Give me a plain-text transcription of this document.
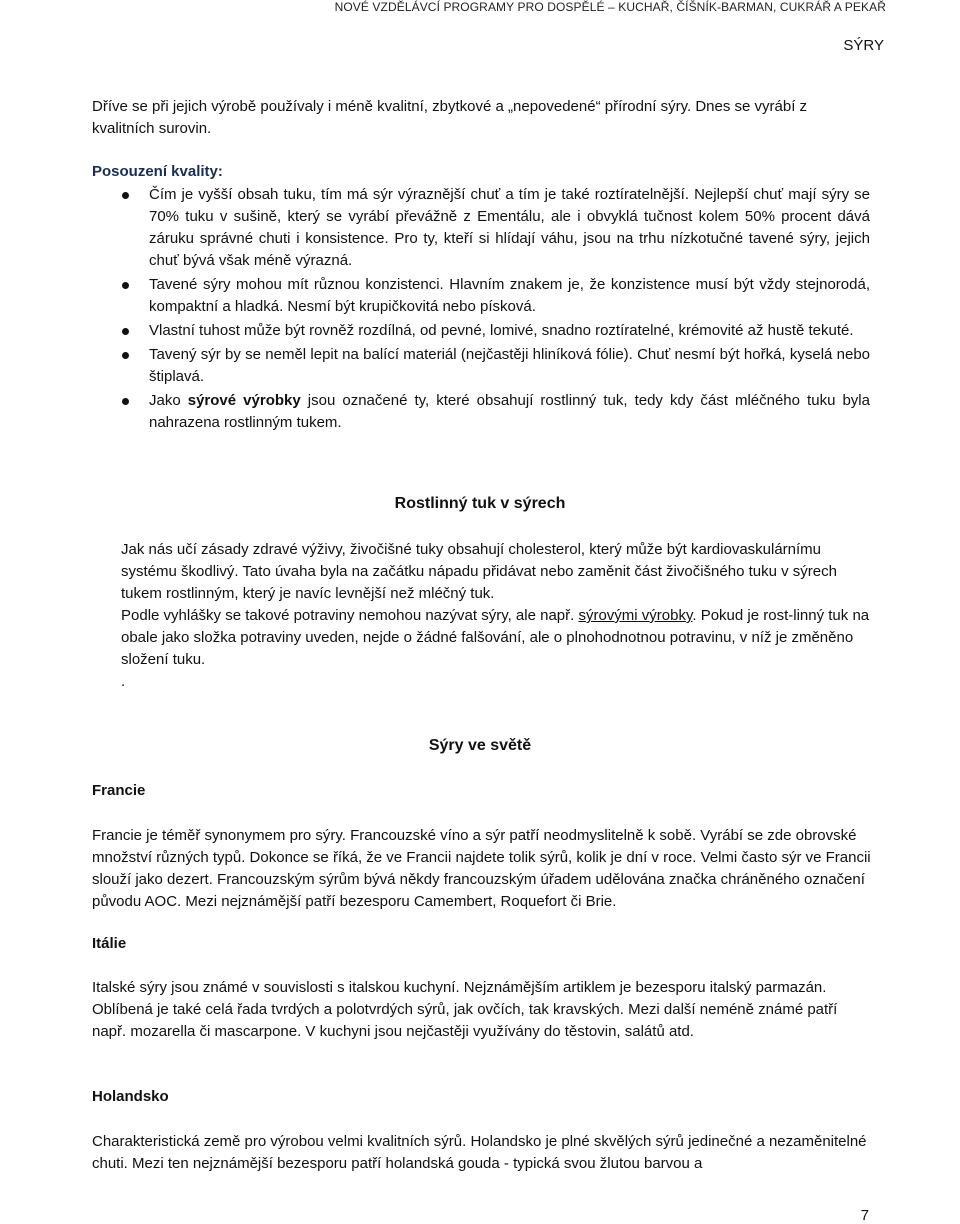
NOVÉ VZDĚLÁVCÍ PROGRAMY PRO DOSPĚLÉ – KUCHAŘ, ČÍŠNÍK-BARMAN, CUKRÁŘ A PEKAŘ
SÝRY

Dříve se při jejich výrobě používaly i méně kvalitní, zbytkové a „nepovedené“ přírodní sýry. Dnes se vyrábí z kvalitních surovin.

Posouzení kvality:

Čím je vyšší obsah tuku, tím má sýr výraznější chuť a tím je také roztíratelnější. Nejlepší chuť mají sýry se 70% tuku v sušině, který se vyrábí převážně z Ementálu, ale i obvyklá tučnost kolem 50% procent dává záruku správné chuti i konsistence. Pro ty, kteří si hlídají váhu, jsou na trhu nízkotučné tavené sýry, jejich chuť bývá však méně výrazná.
Tavené sýry mohou mít různou konzistenci. Hlavním znakem je, že konzistence musí být vždy stejnorodá, kompaktní a hladká. Nesmí být krupičkovitá nebo písková.
Vlastní tuhost může být rovněž rozdílná, od pevné, lomivé, snadno roztíratelné, krémovité až hustě tekuté.
Tavený sýr by se neměl lepit na balící materiál (nejčastěji hliníková fólie). Chuť nesmí být hořká, kyselá nebo štiplavá.
Jako sýrové výrobky jsou označené ty, které obsahují rostlinný tuk, tedy kdy část mléčného tuku byla nahrazena rostlinným tukem.
Rostlinný tuk v sýrech

Jak nás učí zásady zdravé výživy, živočišné tuky obsahují cholesterol, který může být kardiovaskulárnímu systému škodlivý. Tato úvaha byla na začátku nápadu přidávat nebo zaměnit část živočišného tuku v sýrech tukem rostlinným, který je navíc levnější než mléčný tuk.

Podle vyhlášky se takové potraviny nemohou nazývat sýry, ale např. sýrovými výrobky. Pokud je rost-linný tuk na obale jako složka potraviny uveden, nejde o žádné falšování, ale o plnohodnotnou potravinu, v níž je změněno složení tuku.

.

Sýry ve světě

Francie

Francie je téměř synonymem pro sýry. Francouzské víno a sýr patří neodmyslitelně k sobě. Vyrábí se zde obrovské množství různých typů. Dokonce se říká, že ve Francii najdete tolik sýrů, kolik je dní v roce. Velmi často sýr ve Francii slouží jako dezert. Francouzským sýrům bývá někdy francouzským úřadem udělována značka chráněného označení původu AOC. Mezi nejznámější patří bezesporu Camembert, Roquefort či Brie.

Itálie

Italské sýry jsou známé v souvislosti s italskou kuchyní. Nejznámějším artiklem je bezesporu italský parmazán. Oblíbená je také celá řada tvrdých a polotvrdých sýrů, jak ovčích, tak kravských. Mezi další neméně známé patří např. mozarella či mascarpone. V kuchyni jsou nejčastěji využívány do těstovin, salátů atd.

Holandsko

Charakteristická země pro výrobou velmi kvalitních sýrů. Holandsko je plné skvělých sýrů jedinečné a nezaměnitelné chuti. Mezi ten nejznámější bezesporu patří holandská gouda - typická svou žlutou barvou a

7
